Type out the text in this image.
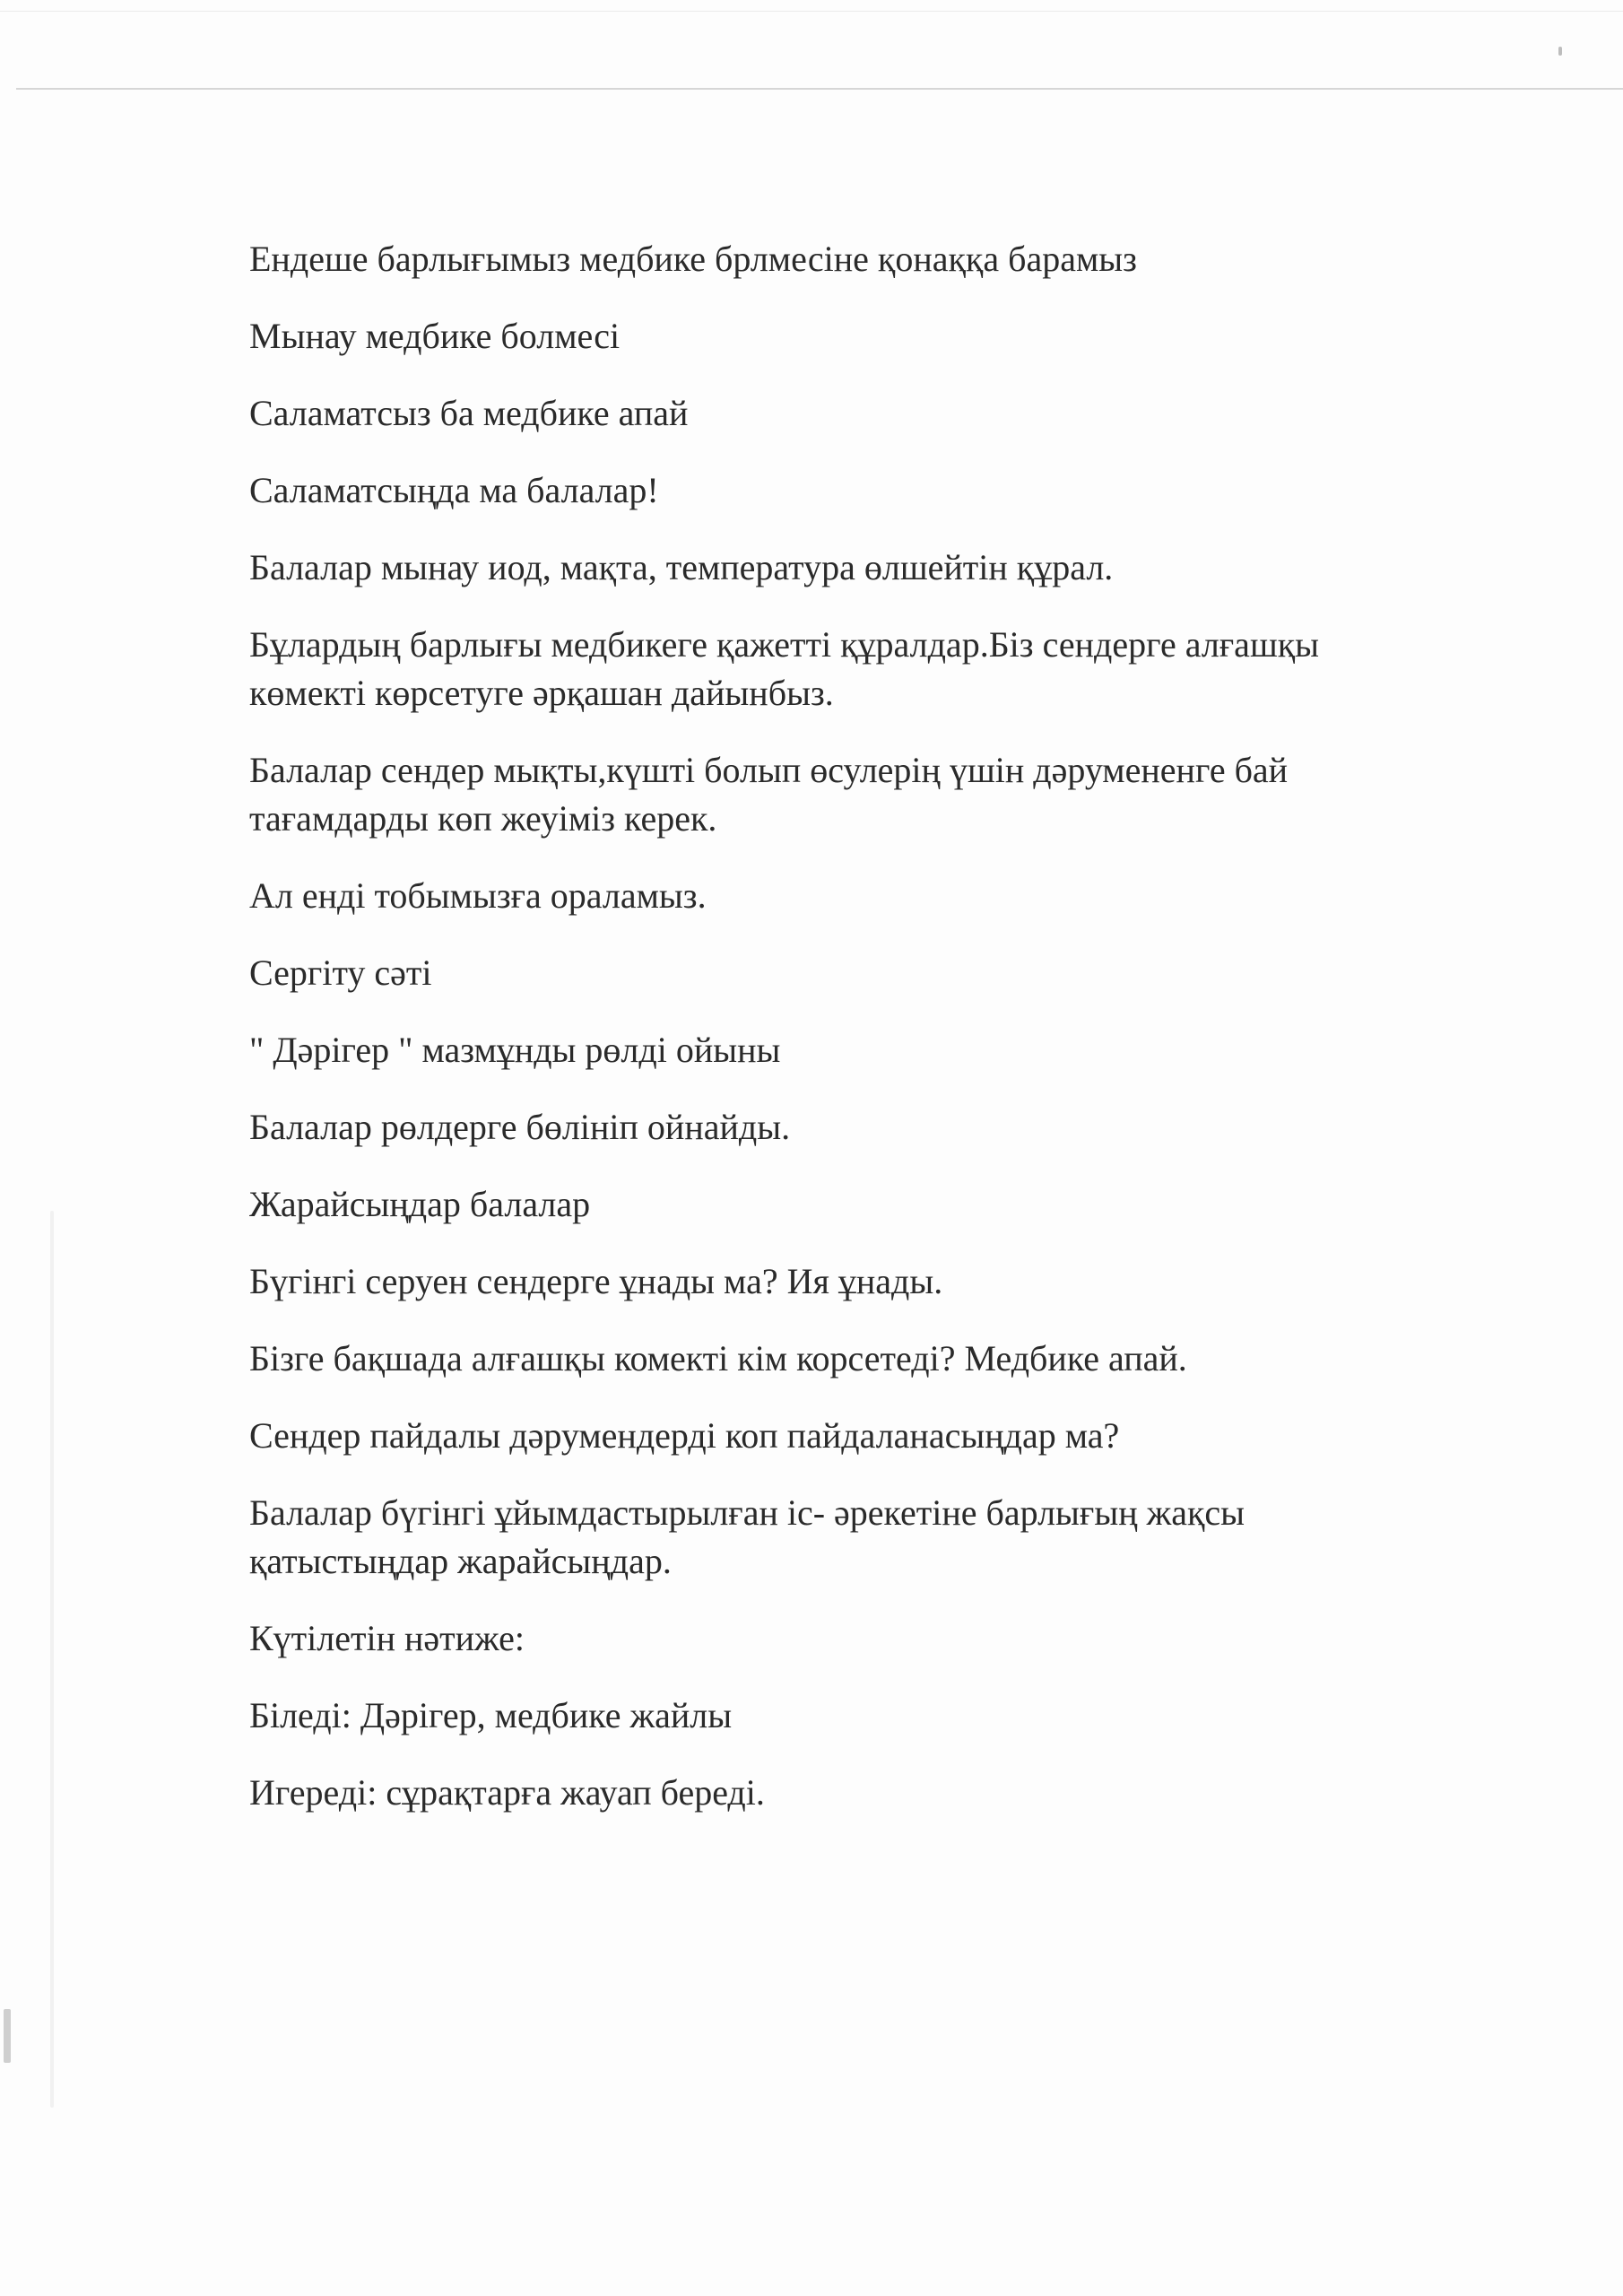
Ендеше барлығымыз медбике брлмесіне қонаққа барамыз

Мынау медбике болмесі

Саламатсыз ба медбике апай

Саламатсыңда ма балалар!

Балалар мынау иод, мақта, температура өлшейтін құрал.

Бұлардың барлығы медбикеге қажетті құралдар.Біз сендерге алғашқы көмекті көрсетуге әрқашан дайынбыз.

Балалар сендер мықты,күшті болып өсулерің үшін дәрумененге бай тағамдарды көп жеуіміз керек.

Ал енді тобымызға ораламыз.

Сергіту сәті

" Дәрігер " мазмұнды рөлді ойыны

Балалар рөлдерге бөлініп ойнайды.

Жарайсыңдар балалар

Бүгінгі серуен сендерге ұнады ма? Ия ұнады.

Бізге бақшада алғашқы комекті кім корсетеді? Медбике апай.

Сендер пайдалы дәрумендерді коп пайдаланасыңдар ма?

Балалар бүгінгі ұйымдастырылған іс- әрекетіне барлығың жақсы қатыстыңдар жарайсыңдар.

Күтілетін нәтиже:

Біледі: Дәрігер, медбике жайлы

Игереді: сұрақтарға жауап береді.
